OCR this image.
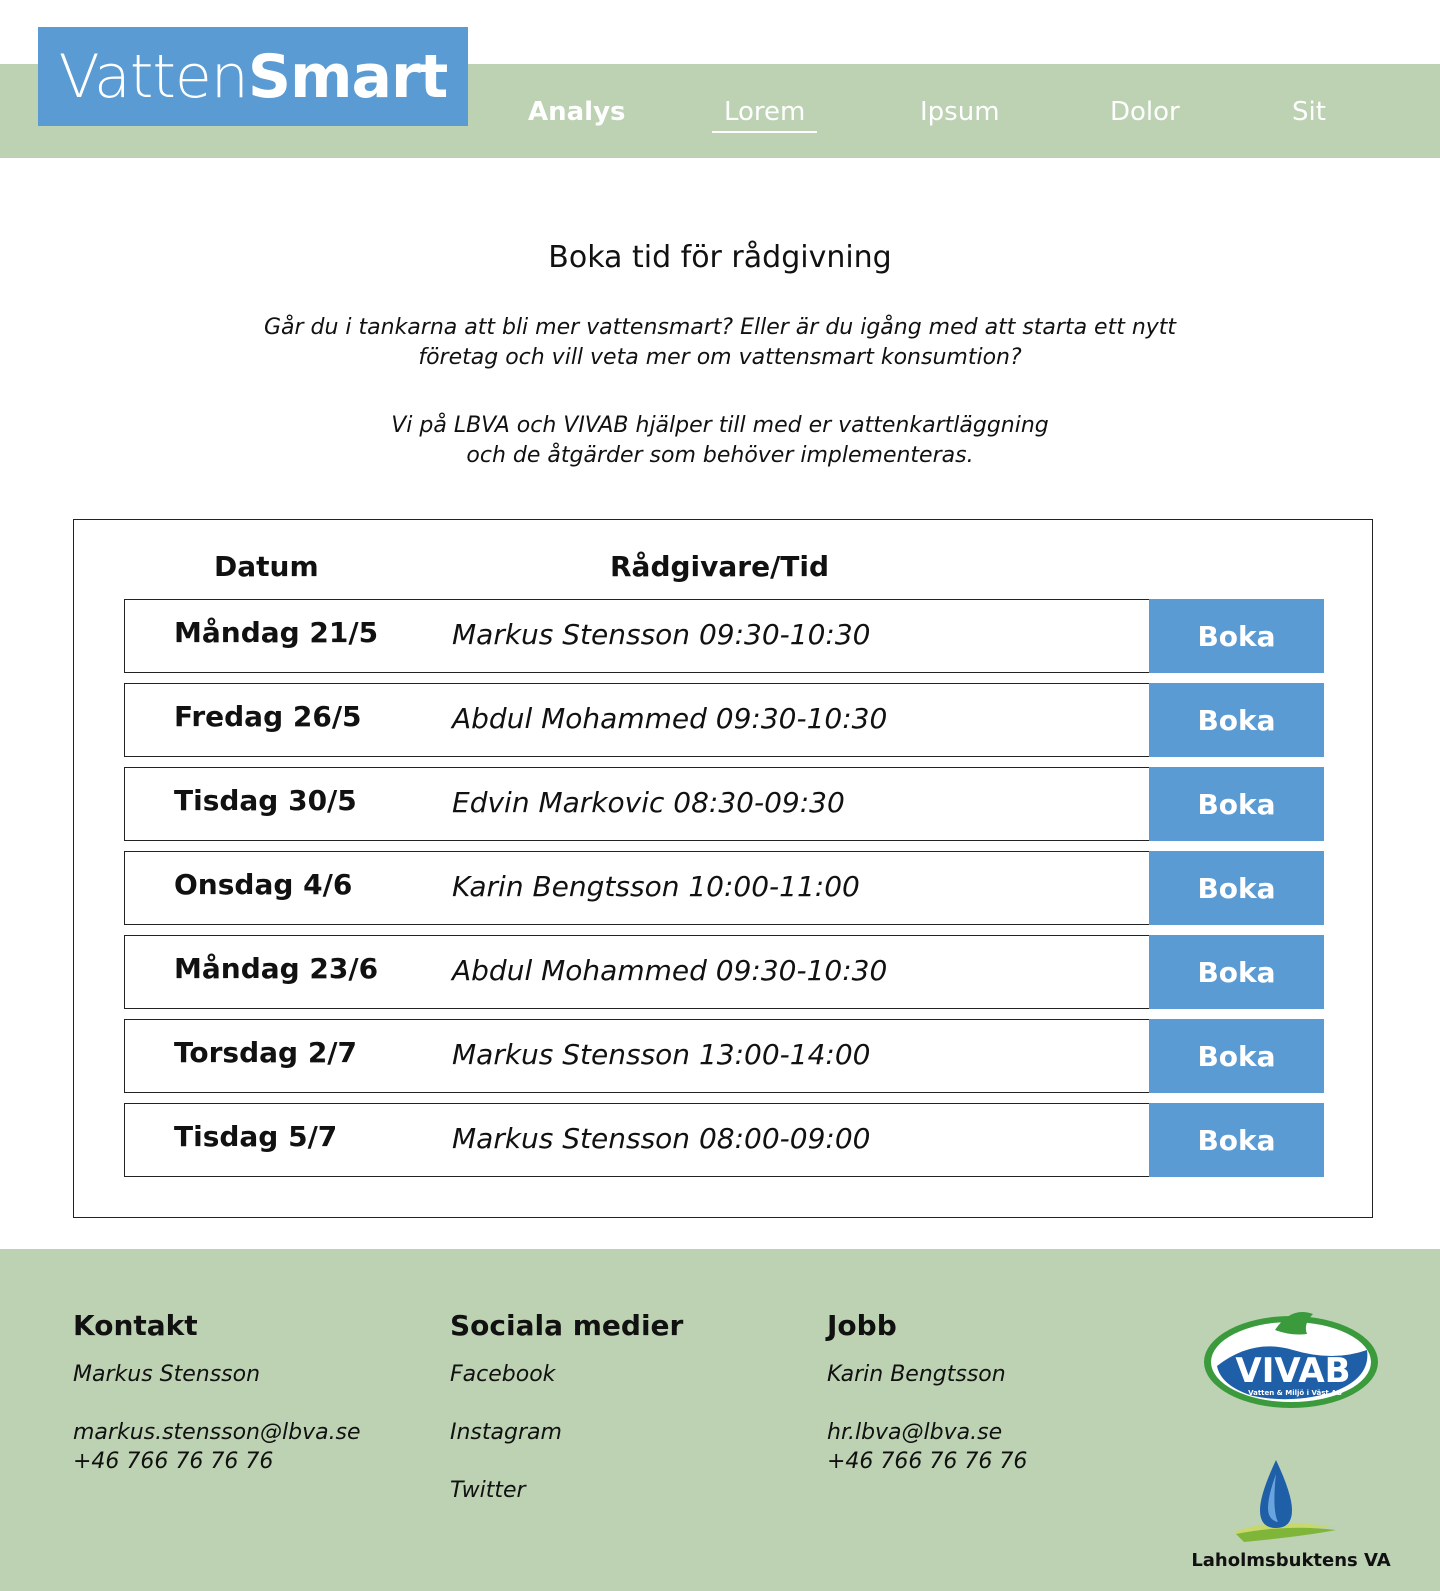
Vatten Smart
Analys	Lorem	Ipsum	Dolor	Sit
Boka tid för rådgivning
Går du i tankarna att bli mer vattensmart? Eller är du igång med att starta ett nytt
företag och vill veta mer om vattensmart konsumtion?
Vi på LBVA och VIVAB hjälper till med er vattenkartläggning
och de åtgärder som behöver implementeras.
Datum	Rådgivare/Tid
Måndag 21/5	Markus Stensson 09:30-10:30	Boka
Fredag 26/5	Abdul Mohammed 09:30-10:30	Boka
Tisdag 30/5	Edvin Markovic 08:30-09:30	Boka
Onsdag 4/6	Karin Bengtsson 10:00-11:00	Boka
Måndag 23/6	Abdul Mohammed 09:30-10:30	Boka
Torsdag 2/7	Markus Stensson 13:00-14:00	Boka
Tisdag 5/7	Markus Stensson 08:00-09:00	Boka
Kontakt
Markus Stensson
markus.stensson@lbva.se
+46 766 76 76 76
Sociala medier
Facebook
Instagram
Twitter
Jobb
Karin Bengtsson
hr.lbva@lbva.se
+46 766 76 76 76
VIVAB
Vatten & Miljö i Väst AB
Laholmsbuktens VA
